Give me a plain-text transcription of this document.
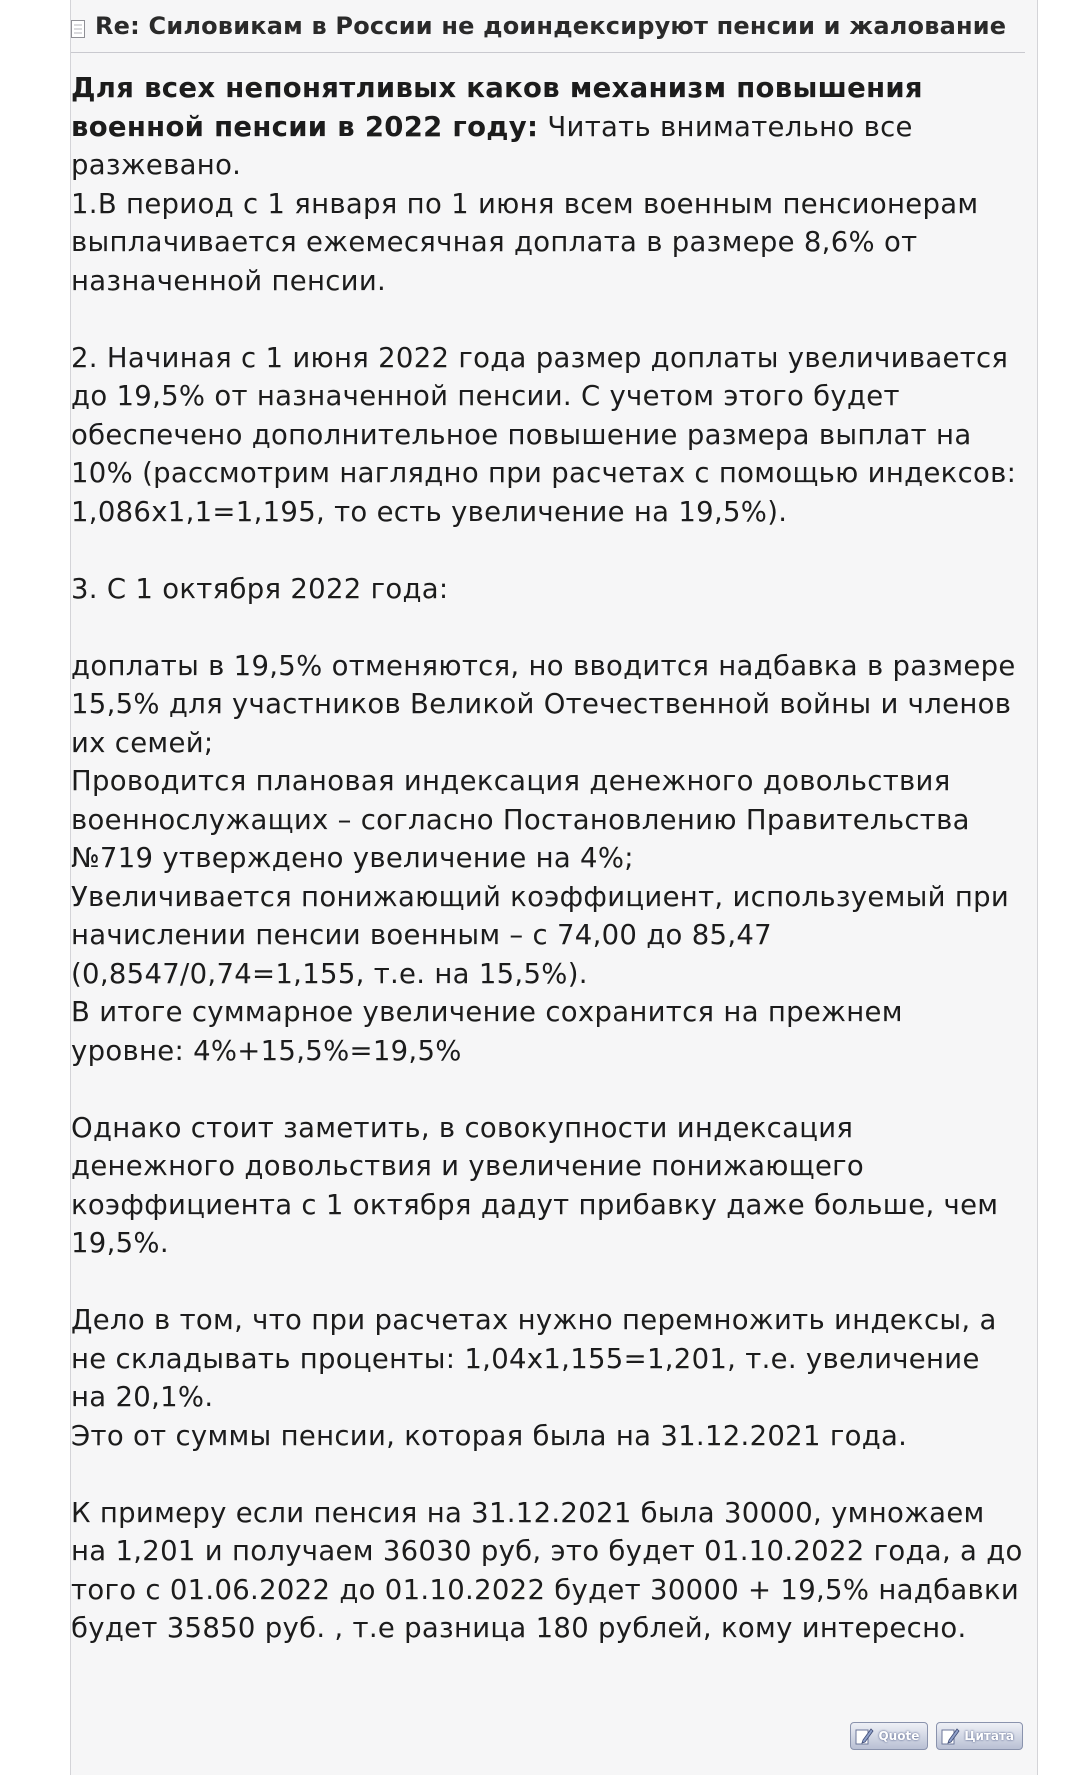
Re: Силовикам в России не доиндексируют пенсии и жалование

Для всех непонятливых каков механизм повышения военной пенсии в 2022 году: Читать внимательно все разжевано.

1.В период с 1 января по 1 июня всем военным пенсионерам выплачивается ежемесячная доплата в размере 8,6% от назначенной пенсии.

2. Начиная с 1 июня 2022 года размер доплаты увеличивается до 19,5% от назначенной пенсии. С учетом этого будет обеспечено дополнительное повышение размера выплат на 10% (рассмотрим наглядно при расчетах с помощью индексов: 1,086х1,1=1,195, то есть увеличение на 19,5%).

3. С 1 октября 2022 года:

доплаты в 19,5% отменяются, но вводится надбавка в размере 15,5% для участников Великой Отечественной войны и членов их семей;

Проводится плановая индексация денежного довольствия военнослужащих – согласно Постановлению Правительства №719 утверждено увеличение на 4%;

Увеличивается понижающий коэффициент, используемый при начислении пенсии военным – с 74,00 до 85,47 (0,8547/0,74=1,155, т.е. на 15,5%).

В итоге суммарное увеличение сохранится на прежнем уровне: 4%+15,5%=19,5%

Однако стоит заметить, в совокупности индексация денежного довольствия и увеличение понижающего коэффициента с 1 октября дадут прибавку даже больше, чем 19,5%.

Дело в том, что при расчетах нужно перемножить индексы, а не складывать проценты: 1,04х1,155=1,201, т.е. увеличение на 20,1%.

Это от суммы пенсии, которая была на 31.12.2021 года.

К примеру если пенсия на 31.12.2021 была 30000, умножаем на 1,201 и получаем 36030 руб, это будет 01.10.2022 года, а до того с 01.06.2022 до 01.10.2022 будет 30000 + 19,5% надбавки будет 35850 руб. , т.е разница 180 рублей, кому интересно.

Quote	Цитата
